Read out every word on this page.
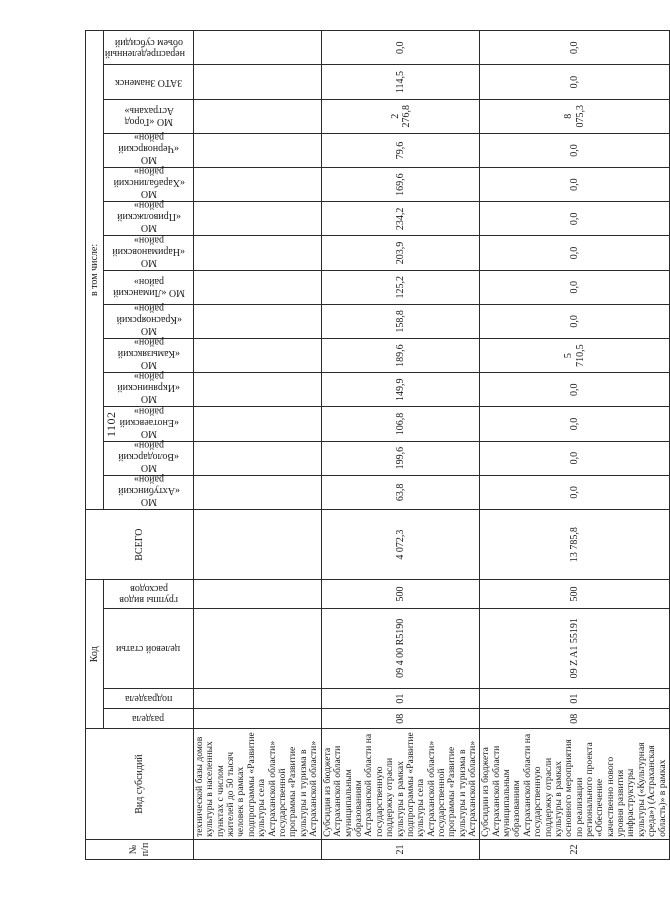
1102
№ п/п	Вид субсидий	Код				ВСЕГО	в том числе:													

		раздела	подраздела	целевой статьи	группы видов расходов		МО «Ахтубинский район»	МО «Володарский район»	МО «Енотаевский район»	МО «Икрянинский район»	МО «Камызякский район»	МО «Красноярский район»	МО «Лиманский район»	МО «Наримановский район»	МО «Приволжский район»	МО «Харабалинский район»	МО «Черноярский район»	МО «Город Астрахань»	ЗАТО Знаменск	нераспределенный объем субсидий

	технической базы домов культуры в населенных пунктах с числом жителей до 50 тысяч человек в рамках подпрограммы «Развитие культуры села Астраханской области» государственной программы «Развитие культуры и туризма в Астраханской области»																			
21	Субсидия из бюджета Астраханской области муниципальным образованиям Астраханской области на государственную поддержку отрасли культуры в рамках подпрограммы «Развитие культуры села Астраханской области» государственной программы «Развитие культуры и туризма в Астраханской области»	08	01	09 4 00 R5190	500	4 072,3	63,8	199,6	106,8	149,9	189,6	158,8	125,2	203,9	234,2	169,6	79,6	2 276,8	114,5	0,0
22	Субсидии из бюджета Астраханской области муниципальным образованиям Астраханской области на государственную поддержку отрасли культуры в рамках основного мероприятия по реализации регионального проекта «Обеспечение качественно нового уровня развития инфраструктуры культуры («Культурная среда») (Астраханская область)» в рамках	08	01	09 Z A1 55191	500	13 785,8	0,0	0,0	0,0	0,0	5 710,5	0,0	0,0	0,0	0,0	0,0	0,0	8 075,3	0,0	0,0
